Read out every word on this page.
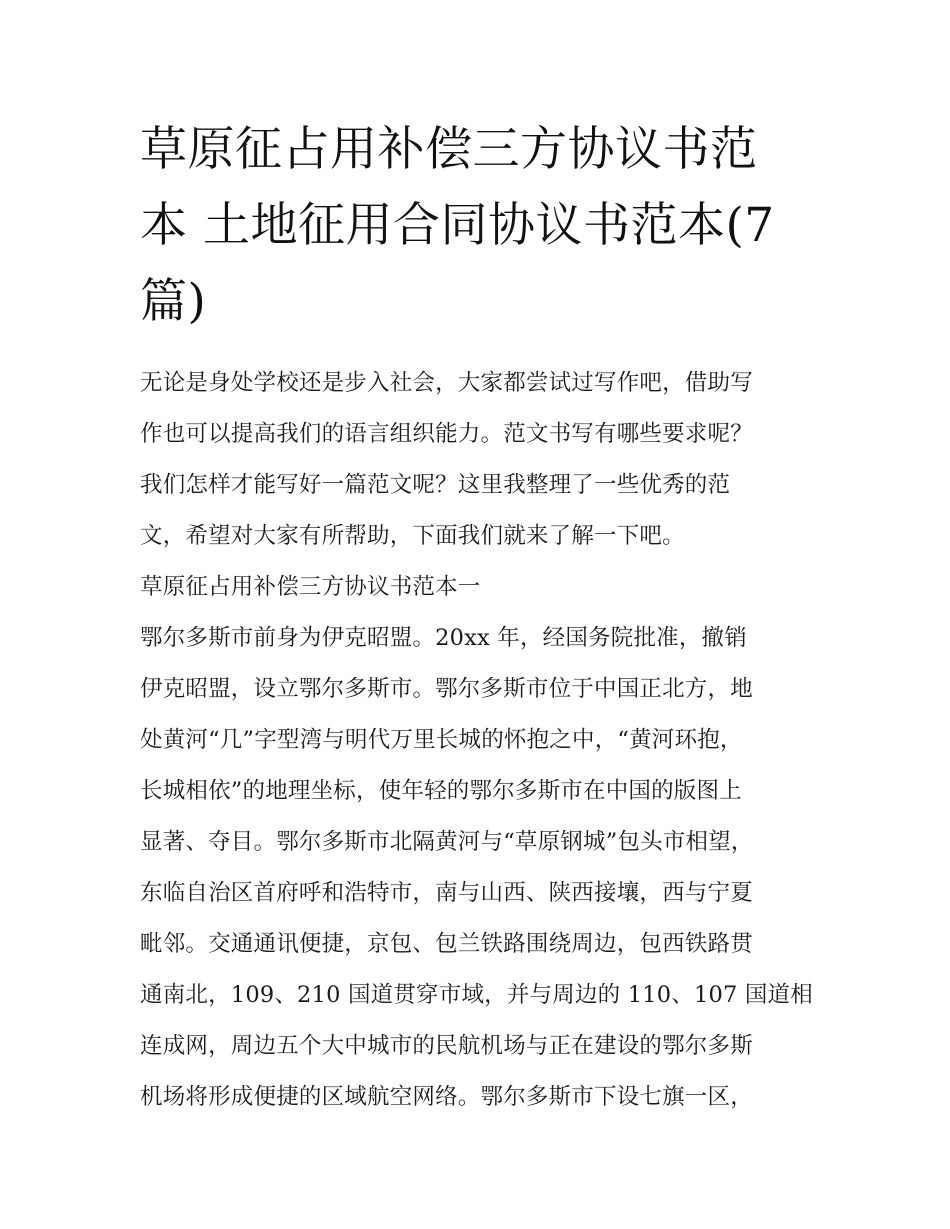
草原征占用补偿三方协议书范
本 土地征用合同协议书范本(7
篇)
无论是身处学校还是步入社会，大家都尝试过写作吧，借助写
作也可以提高我们的语言组织能力。范文书写有哪些要求呢？
我们怎样才能写好一篇范文呢？这里我整理了一些优秀的范
文，希望对大家有所帮助，下面我们就来了解一下吧。
草原征占用补偿三方协议书范本一
鄂尔多斯市前身为伊克昭盟。20xx 年，经国务院批准，撤销
伊克昭盟，设立鄂尔多斯市。鄂尔多斯市位于中国正北方，地
处黄河“几”字型湾与明代万里长城的怀抱之中，“黄河环抱，
长城相依”的地理坐标，使年轻的鄂尔多斯市在中国的版图上
显著、夺目。鄂尔多斯市北隔黄河与“草原钢城”包头市相望，
东临自治区首府呼和浩特市，南与山西、陕西接壤，西与宁夏
毗邻。交通通讯便捷，京包、包兰铁路围绕周边，包西铁路贯
通南北，109、210 国道贯穿市域，并与周边的 110、107 国道相
连成网，周边五个大中城市的民航机场与正在建设的鄂尔多斯
机场将形成便捷的区域航空网络。鄂尔多斯市下设七旗一区，
